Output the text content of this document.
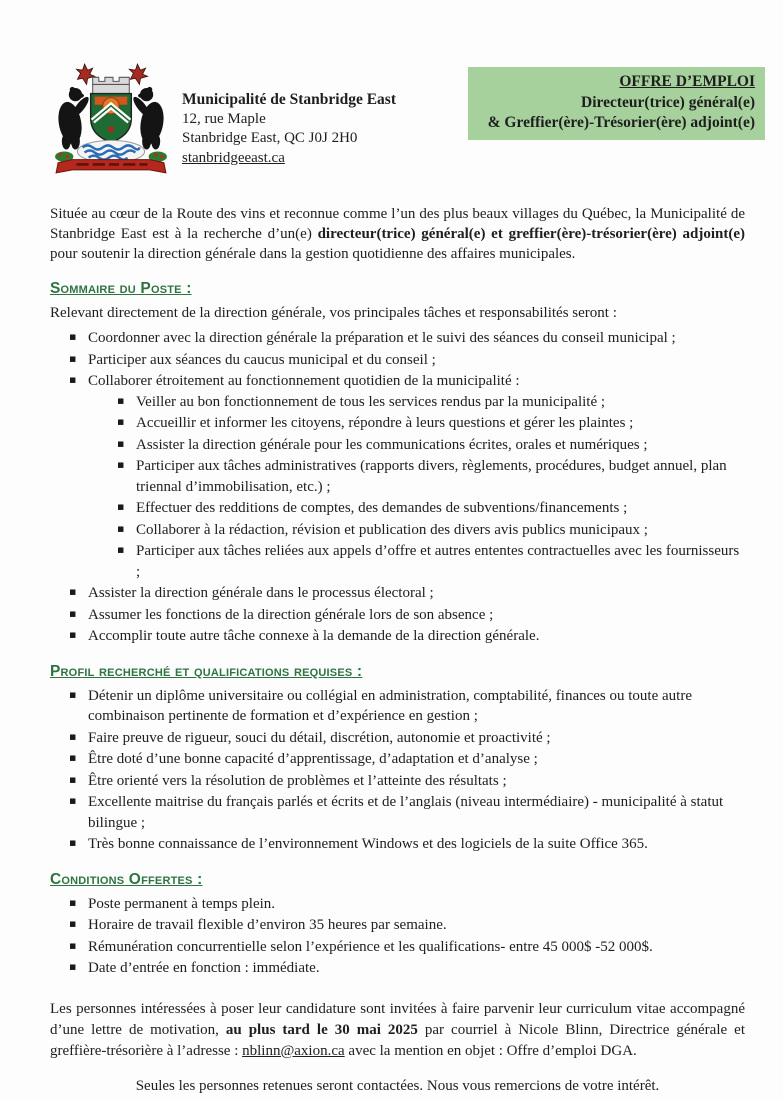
Municipalité de Stanbridge East
12, rue Maple
Stanbridge East, QC J0J 2H0
stanbridgeeast.ca
OFFRE D’EMPLOI
Directeur(trice) général(e)
& Greffier(ère)-Trésorier(ère) adjoint(e)

Située au cœur de la Route des vins et reconnue comme l’un des plus beaux villages du Québec, la Municipalité de Stanbridge East est à la recherche d’un(e) directeur(trice) général(e) et greffier(ère)-trésorier(ère) adjoint(e) pour soutenir la direction générale dans la gestion quotidienne des affaires municipales.

Sommaire du Poste :

Relevant directement de la direction générale, vos principales tâches et responsabilités seront :

▪ Coordonner avec la direction générale la préparation et le suivi des séances du conseil municipal ;
▪ Participer aux séances du caucus municipal et du conseil ;
▪ Collaborer étroitement au fonctionnement quotidien de la municipalité :
▪ Veiller au bon fonctionnement de tous les services rendus par la municipalité ;
▪ Accueillir et informer les citoyens, répondre à leurs questions et gérer les plaintes ;
▪ Assister la direction générale pour les communications écrites, orales et numériques ;
▪ Participer aux tâches administratives (rapports divers, règlements, procédures, budget annuel, plan triennal d’immobilisation, etc.) ;
▪ Effectuer des redditions de comptes, des demandes de subventions/financements ;
▪ Collaborer à la rédaction, révision et publication des divers avis publics municipaux ;
▪ Participer aux tâches reliées aux appels d’offre et autres ententes contractuelles avec les fournisseurs ;
▪ Assister la direction générale dans le processus électoral ;
▪ Assumer les fonctions de la direction générale lors de son absence ;
▪ Accomplir toute autre tâche connexe à la demande de la direction générale.
Profil recherché et qualifications requises :
▪ Détenir un diplôme universitaire ou collégial en administration, comptabilité, finances ou toute autre combinaison pertinente de formation et d’expérience en gestion ;
▪ Faire preuve de rigueur, souci du détail, discrétion, autonomie et proactivité ;
▪ Être doté d’une bonne capacité d’apprentissage, d’adaptation et d’analyse ;
▪ Être orienté vers la résolution de problèmes et l’atteinte des résultats ;
▪ Excellente maitrise du français parlés et écrits et de l’anglais (niveau intermédiaire) - municipalité à statut bilingue ;
▪ Très bonne connaissance de l’environnement Windows et des logiciels de la suite Office 365.
Conditions Offertes :
▪ Poste permanent à temps plein.
▪ Horaire de travail flexible d’environ 35 heures par semaine.
▪ Rémunération concurrentielle selon l’expérience et les qualifications- entre 45 000$ -52 000$.
▪ Date d’entrée en fonction : immédiate.

Les personnes intéressées à poser leur candidature sont invitées à faire parvenir leur curriculum vitae accompagné d’une lettre de motivation, au plus tard le 30 mai 2025 par courriel à Nicole Blinn, Directrice générale et greffière-trésorière à l’adresse : nblinn@axion.ca avec la mention en objet : Offre d’emploi DGA.

Seules les personnes retenues seront contactées. Nous vous remercions de votre intérêt.
